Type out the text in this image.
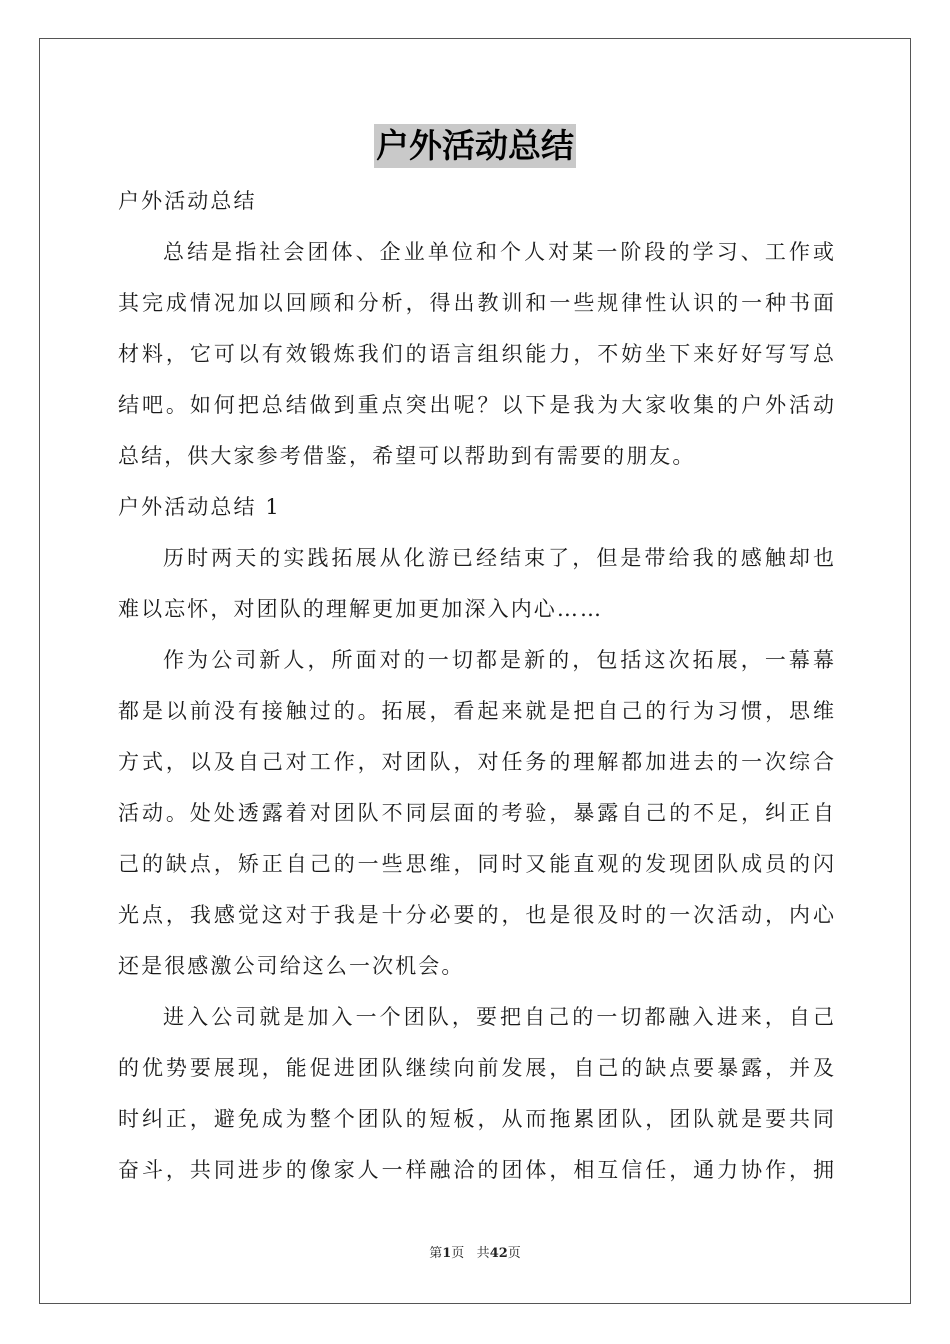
户外活动总结
户外活动总结
总结是指社会团体、企业单位和个人对某一阶段的学习、工作或
其完成情况加以回顾和分析，得出教训和一些规律性认识的一种书面
材料，它可以有效锻炼我们的语言组织能力，不妨坐下来好好写写总
结吧。如何把总结做到重点突出呢？以下是我为大家收集的户外活动
总结，供大家参考借鉴，希望可以帮助到有需要的朋友。
户外活动总结 1
历时两天的实践拓展从化游已经结束了，但是带给我的感触却也
难以忘怀，对团队的理解更加更加深入内心……
作为公司新人，所面对的一切都是新的，包括这次拓展，一幕幕
都是以前没有接触过的。拓展，看起来就是把自己的行为习惯，思维
方式，以及自己对工作，对团队，对任务的理解都加进去的一次综合
活动。处处透露着对团队不同层面的考验，暴露自己的不足，纠正自
己的缺点，矫正自己的一些思维，同时又能直观的发现团队成员的闪
光点，我感觉这对于我是十分必要的，也是很及时的一次活动，内心
还是很感激公司给这么一次机会。
进入公司就是加入一个团队，要把自己的一切都融入进来，自己
的优势要展现，能促进团队继续向前发展，自己的缺点要暴露，并及
时纠正，避免成为整个团队的短板，从而拖累团队，团队就是要共同
奋斗，共同进步的像家人一样融洽的团体，相互信任，通力协作，拥
第1页 共42页
